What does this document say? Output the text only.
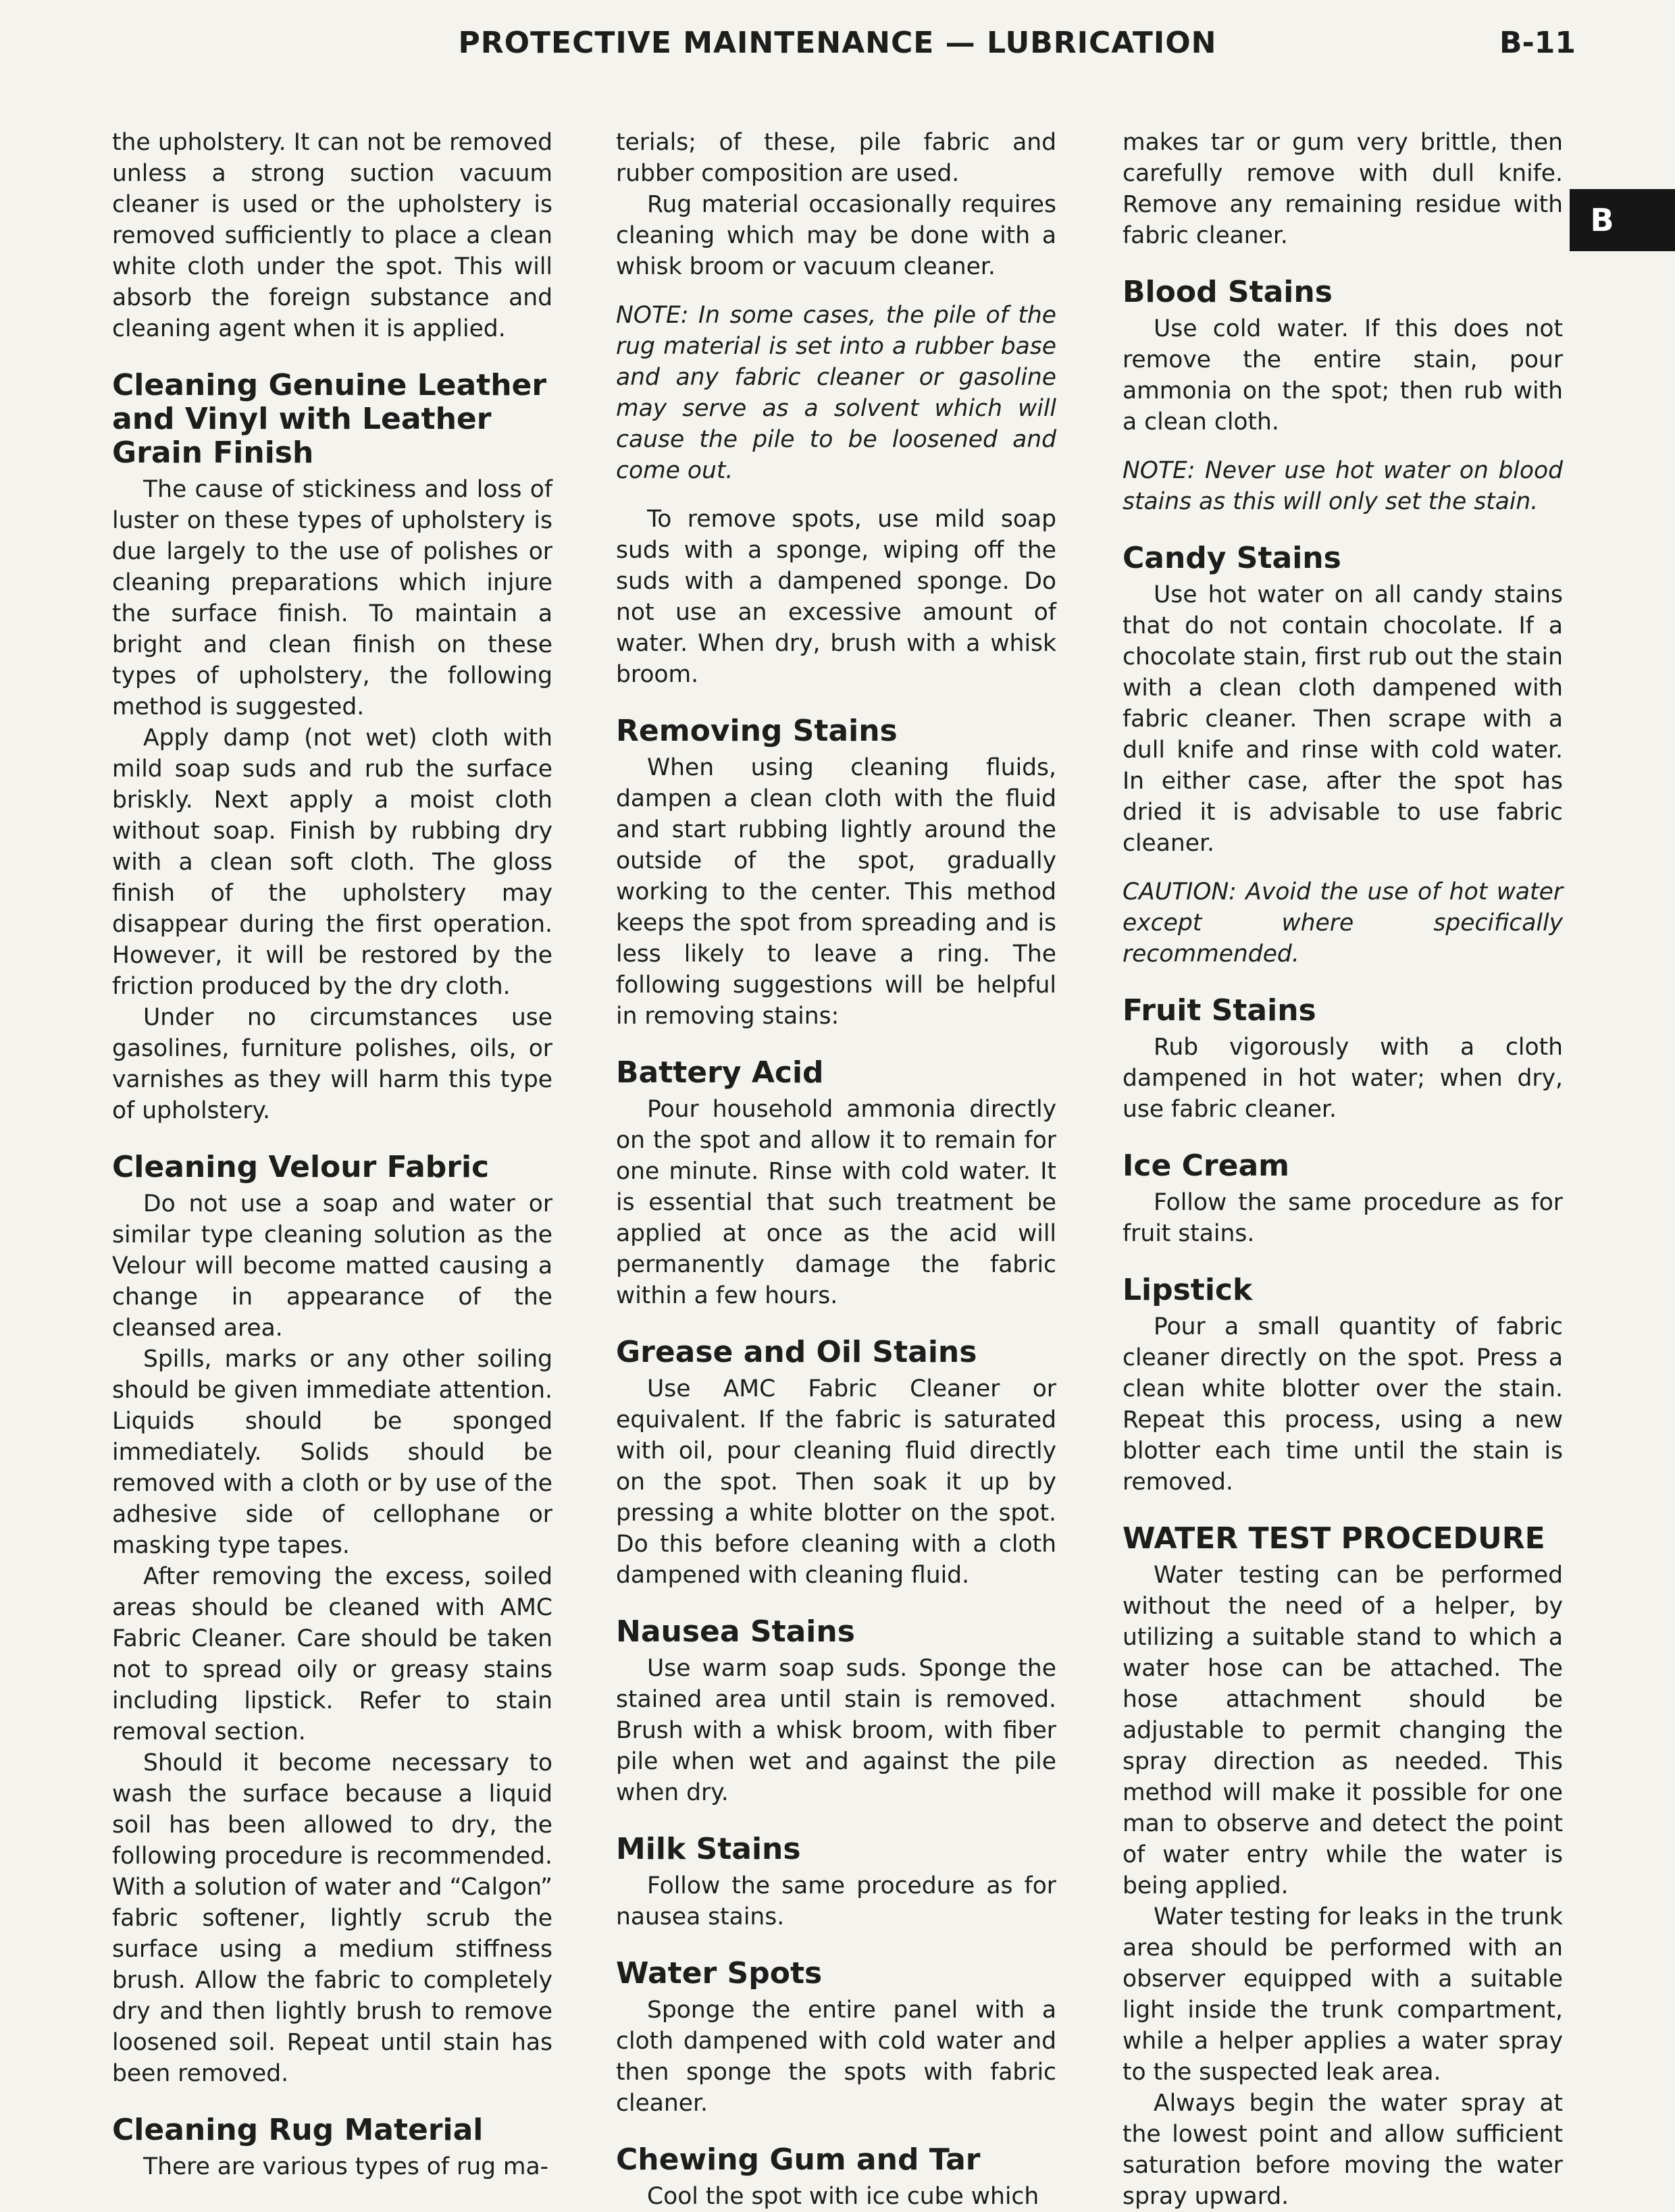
PROTECTIVE MAINTENANCE — LUBRICATION	B-11
B

the upholstery. It can not be removed unless a strong suction vacuum cleaner is used or the upholstery is removed sufficiently to place a clean white cloth under the spot. This will absorb the foreign substance and cleaning agent when it is applied.

Cleaning Genuine Leather and Vinyl with Leather Grain Finish

The cause of stickiness and loss of luster on these types of upholstery is due largely to the use of polishes or cleaning preparations which injure the surface finish. To maintain a bright and clean finish on these types of upholstery, the following method is suggested.

Apply damp (not wet) cloth with mild soap suds and rub the surface briskly. Next apply a moist cloth without soap. Finish by rubbing dry with a clean soft cloth. The gloss finish of the upholstery may disappear during the first operation. However, it will be restored by the friction produced by the dry cloth.

Under no circumstances use gasolines, furniture polishes, oils, or varnishes as they will harm this type of upholstery.

Cleaning Velour Fabric

Do not use a soap and water or similar type cleaning solution as the Velour will become matted causing a change in appearance of the cleansed area.

Spills, marks or any other soiling should be given immediate attention. Liquids should be sponged immediately. Solids should be removed with a cloth or by use of the adhesive side of cellophane or masking type tapes.

After removing the excess, soiled areas should be cleaned with AMC Fabric Cleaner. Care should be taken not to spread oily or greasy stains including lipstick. Refer to stain removal section.

Should it become necessary to wash the surface because a liquid soil has been allowed to dry, the following procedure is recommended. With a solution of water and “Calgon” fabric softener, lightly scrub the surface using a medium stiffness brush. Allow the fabric to completely dry and then lightly brush to remove loosened soil. Repeat until stain has been removed.

Cleaning Rug Material

There are various types of rug ma-

terials; of these, pile fabric and rubber composition are used.

Rug material occasionally requires cleaning which may be done with a whisk broom or vacuum cleaner.

NOTE: In some cases, the pile of the rug material is set into a rubber base and any fabric cleaner or gasoline may serve as a solvent which will cause the pile to be loosened and come out.

To remove spots, use mild soap suds with a sponge, wiping off the suds with a dampened sponge. Do not use an excessive amount of water. When dry, brush with a whisk broom.

Removing Stains

When using cleaning fluids, dampen a clean cloth with the fluid and start rubbing lightly around the outside of the spot, gradually working to the center. This method keeps the spot from spreading and is less likely to leave a ring. The following suggestions will be helpful in removing stains:

Battery Acid

Pour household ammonia directly on the spot and allow it to remain for one minute. Rinse with cold water. It is essential that such treatment be applied at once as the acid will permanently damage the fabric within a few hours.

Grease and Oil Stains

Use AMC Fabric Cleaner or equivalent. If the fabric is saturated with oil, pour cleaning fluid directly on the spot. Then soak it up by pressing a white blotter on the spot. Do this before cleaning with a cloth dampened with cleaning fluid.

Nausea Stains

Use warm soap suds. Sponge the stained area until stain is removed. Brush with a whisk broom, with fiber pile when wet and against the pile when dry.

Milk Stains

Follow the same procedure as for nausea stains.

Water Spots

Sponge the entire panel with a cloth dampened with cold water and then sponge the spots with fabric cleaner.

Chewing Gum and Tar

Cool the spot with ice cube which

makes tar or gum very brittle, then carefully remove with dull knife. Remove any remaining residue with fabric cleaner.

Blood Stains

Use cold water. If this does not remove the entire stain, pour ammonia on the spot; then rub with a clean cloth.

NOTE: Never use hot water on blood stains as this will only set the stain.

Candy Stains

Use hot water on all candy stains that do not contain chocolate. If a chocolate stain, first rub out the stain with a clean cloth dampened with fabric cleaner. Then scrape with a dull knife and rinse with cold water. In either case, after the spot has dried it is advisable to use fabric cleaner.

CAUTION: Avoid the use of hot water except where specifically recommended.

Fruit Stains

Rub vigorously with a cloth dampened in hot water; when dry, use fabric cleaner.

Ice Cream

Follow the same procedure as for fruit stains.

Lipstick

Pour a small quantity of fabric cleaner directly on the spot. Press a clean white blotter over the stain. Repeat this process, using a new blotter each time until the stain is removed.

WATER TEST PROCEDURE

Water testing can be performed without the need of a helper, by utilizing a suitable stand to which a water hose can be attached. The hose attachment should be adjustable to permit changing the spray direction as needed. This method will make it possible for one man to observe and detect the point of water entry while the water is being applied.

Water testing for leaks in the trunk area should be performed with an observer equipped with a suitable light inside the trunk compartment, while a helper applies a water spray to the suspected leak area.

Always begin the water spray at the lowest point and allow sufficient saturation before moving the water spray upward.
